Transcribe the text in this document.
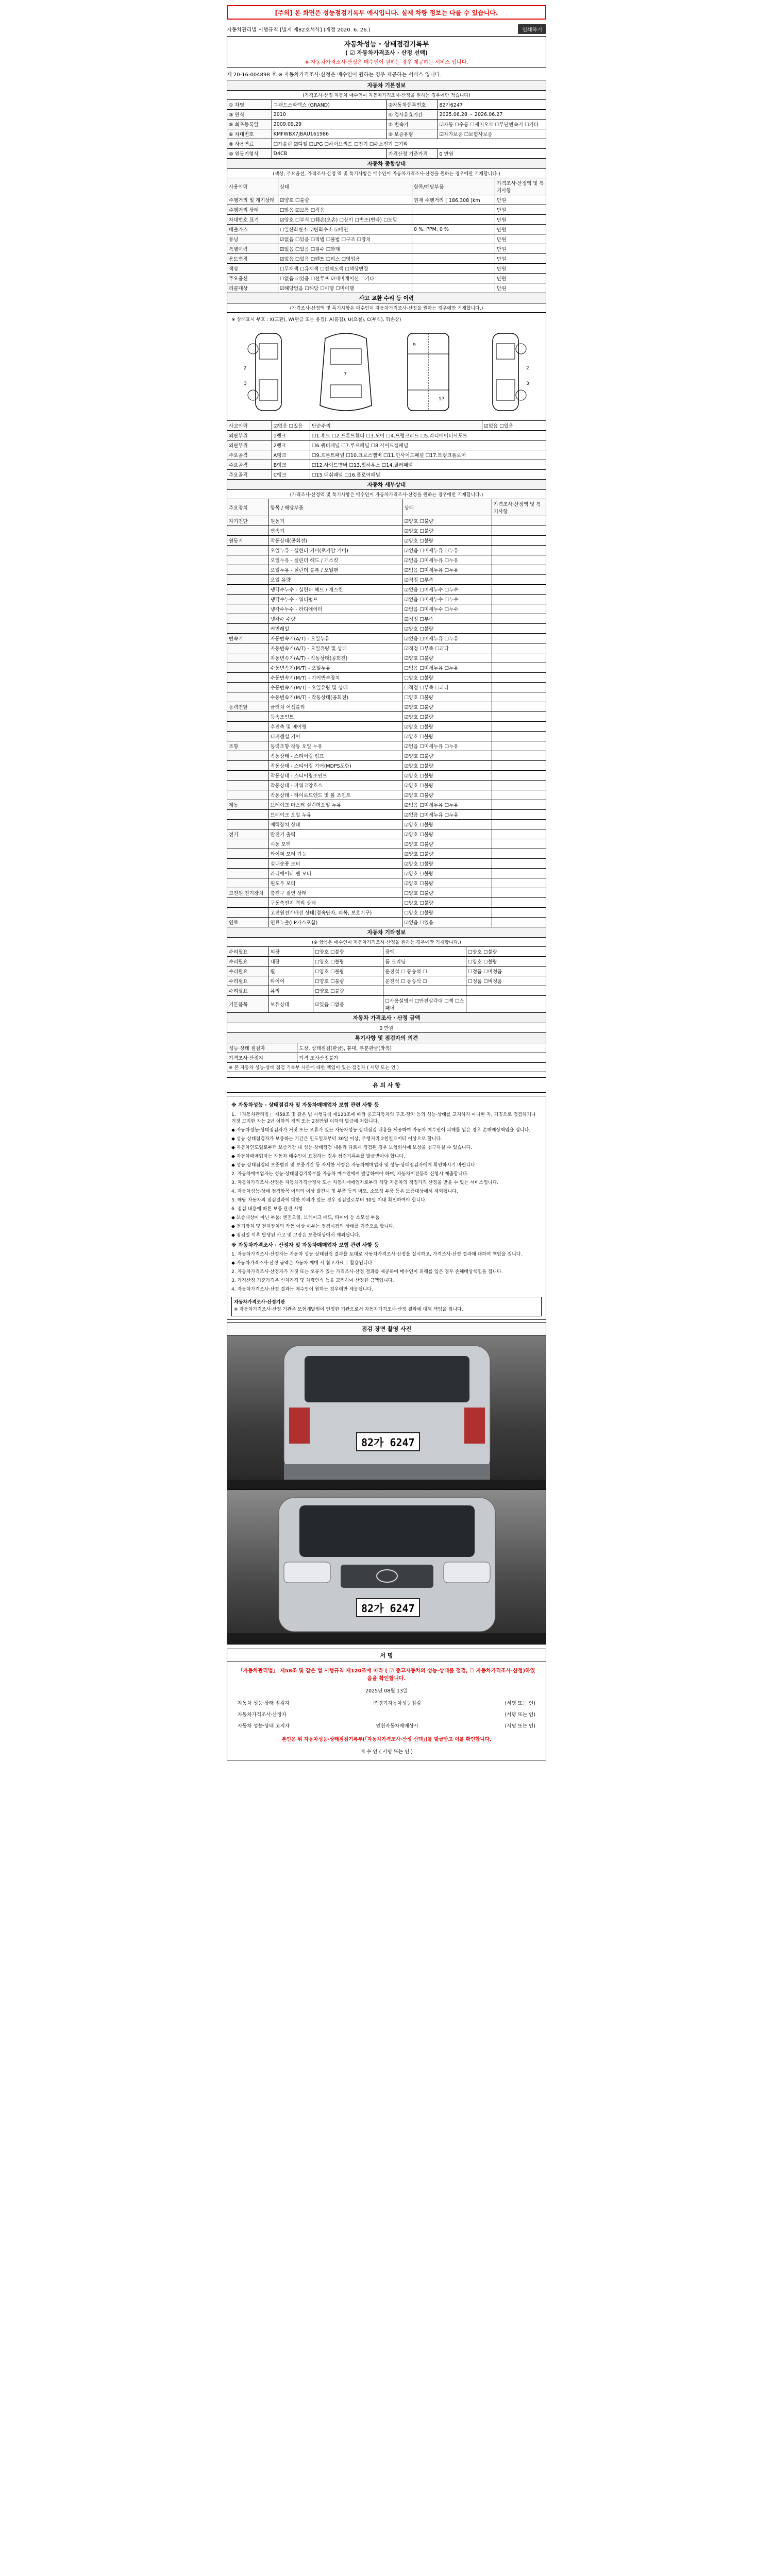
[주의] 본 화면은 성능점검기록부 예시입니다. 실제 차량 정보는 다를 수 있습니다.
자동차관리법 시행규칙 [별지 제82호서식] (개정 2020. 6. 26.)	인쇄하기
자동차성능 · 상태점검기록부
( ☑ 자동차가격조사 · 산정 선택)
※ 자동차가격조사·산정은 매수인이 원하는 경우 제공하는 서비스 입니다.
제 20-16-004898 호 ※ 자동차가격조사·산정은 매수인이 원하는 경우 제공하는 서비스 입니다.
자동차 기본정보			
(가격조사·산정 자동차 매수인이 자동차가격조사·산정을 원하는 경우에만 적습니다)			
① 차명	그랜드스타렉스 (GRAND)	②자동차등록번호	82가6247
③ 연식	2010	④ 검사유효기간	2025.06.28 ~ 2026.06.27
⑤ 최초등록일	2009.09.29	⑦ 변속기	☑자동 ☐수동 ☐세미오토 ☐무단변속기 ☐기타
⑥ 차대번호	KMFWBX7JBAU161986	⑨ 보증유형	☑자가보증 ☐보험사보증
⑧ 사용연료	☐가솔린 ☑디젤 ☐LPG ☐하이브리드 ☐전기 ☐수소전기 ☐기타		
⑩ 원동기형식	D4CB	가격산정 기준가격	0 만원
자동차 종합상태			
(색상, 주요옵션, 가격조사·산정 액 및 특기사항은 매수인이 자동차가격조사·산정을 원하는 경우에만 기재합니다.)			
사용이력	상태	항목/해당부품	가격조사·산정액 및 특기사항
주행거리 및 계기상태	☑양호 ☐불량	현재 주행거리 [ 186,308 ]km	만원
주행거리 상태	☐많음 ☑보통 ☐적음		만원
차대번호 표기	☑양호 ☐부식 ☐훼손(오손) ☐상이 ☐변조(변타) ☐도말		만원
배출가스	☐일산화탄소 ☑탄화수소 ☑매연	0 %, PPM, 0 %	만원
튜닝	☑없음 ☐있음 ☐적법 ☐불법 ☐구조 ☐장치		만원
특별이력	☑없음 ☐있음 ☐침수 ☐화재		만원
용도변경	☑없음 ☐있음 ☐렌트 ☐리스 ☐영업용		만원
색상	☐무채색 ☐유채색 ☐전체도색 ☐색상변경		만원
주요옵션	☐없음 ☑있음 ☐선루프 ☑내비게이션 ☐기타		만원
리콜대상	☑해당없음 ☐해당 ☐이행 ☐미이행		만원
사고 교환 수리 등 이력
(가격조사·산정액 및 특기사항은 매수인이 자동차가격조사·산정을 원하는 경우에만 기재합니다.)
※ 상태표시 부호 : X(교환), W(판금 또는 용접), A(흠집), U(요철), C(부식), T(손상)
2
3
7
9
17
2
3
사고이력	☑없음 ☐있음	단순수리	☑없음 ☐있음
외판부위	1랭크	☐1.후드 ☐2.프론트휀더 ☐3.도어 ☐4.트렁크리드 ☐5.라디에이터서포트	
외판부위	2랭크	☐6.쿼터패널 ☐7.루프패널 ☐8.사이드실패널	
주요골격	A랭크	☐9.프론트패널 ☐10.크로스멤버 ☐11.인사이드패널 ☐17.트렁크플로어	
주요골격	B랭크	☐12.사이드멤버 ☐13.휠하우스 ☐14.필러패널	
주요골격	C랭크	☐15.대쉬패널 ☐16.플로어패널	
자동차 세부상태			
(가격조사·산정액 및 특기사항은 매수인이 자동차가격조사·산정을 원하는 경우에만 기재합니다.)			
주요장치	항목 / 해당부품	상태	가격조사·산정액 및 특기사항
자기진단	원동기	☑양호 ☐불량	
	변속기	☑양호 ☐불량	
원동기	작동상태(공회전)	☑양호 ☐불량	
	오일누유 - 실린더 커버(로커암 커버)	☑없음 ☐미세누유 ☐누유	
	오일누유 - 실린더 헤드 / 개스킷	☑없음 ☐미세누유 ☐누유	
	오일누유 - 실린더 블록 / 오일팬	☑없음 ☐미세누유 ☐누유	
	오일 유량	☑적정 ☐부족	
	냉각수누수 - 실린더 헤드 / 개스킷	☑없음 ☐미세누수 ☐누수	
	냉각수누수 - 워터펌프	☑없음 ☐미세누수 ☐누수	
	냉각수누수 - 라디에이터	☑없음 ☐미세누수 ☐누수	
	냉각수 수량	☑적정 ☐부족	
	커먼레일	☑양호 ☐불량	
변속기	자동변속기(A/T) - 오일누유	☑없음 ☐미세누유 ☐누유	
	자동변속기(A/T) - 오일유량 및 상태	☑적정 ☐부족 ☐과다	
	자동변속기(A/T) - 작동상태(공회전)	☑양호 ☐불량	
	수동변속기(M/T) - 오일누유	☐없음 ☐미세누유 ☐누유	
	수동변속기(M/T) - 기어변속장치	☐양호 ☐불량	
	수동변속기(M/T) - 오일유량 및 상태	☐적정 ☐부족 ☐과다	
	수동변속기(M/T) - 작동상태(공회전)	☐양호 ☐불량	
동력전달	클러치 어셈블리	☑양호 ☐불량	
	등속조인트	☑양호 ☐불량	
	추진축 및 베어링	☑양호 ☐불량	
	디퍼렌셜 기어	☑양호 ☐불량	
조향	동력조향 작동 오일 누유	☑없음 ☐미세누유 ☐누유	
	작동상태 - 스티어링 펌프	☑양호 ☐불량	
	작동상태 - 스티어링 기어(MDPS포함)	☑양호 ☐불량	
	작동상태 - 스티어링조인트	☑양호 ☐불량	
	작동상태 - 파워고압호스	☑양호 ☐불량	
	작동상태 - 타이로드엔드 및 볼 조인트	☑양호 ☐불량	
제동	브레이크 마스터 실린더오일 누유	☑없음 ☐미세누유 ☐누유	
	브레이크 오일 누유	☑없음 ☐미세누유 ☐누유	
	배력장치 상태	☑양호 ☐불량	
전기	발전기 출력	☑양호 ☐불량	
	시동 모터	☑양호 ☐불량	
	와이퍼 모터 기능	☑양호 ☐불량	
	실내송풍 모터	☑양호 ☐불량	
	라디에이터 팬 모터	☑양호 ☐불량	
	윈도우 모터	☑양호 ☐불량	
고전원 전기장치	충전구 절연 상태	☐양호 ☐불량	
	구동축전지 격리 상태	☐양호 ☐불량	
	고전원전기배선 상태(접속단자, 피복, 보호기구)	☐양호 ☐불량	
연료	연료누출(LP가스포함)	☑없음 ☐있음	
자동차 기타정보				
(※ 항목은 매수인이 자동차가격조사·산정을 원하는 경우에만 기재합니다.)				
수리필요	외장	☐양호 ☐불량	광택	☐양호 ☐불량
수리필요	내장	☐양호 ☐불량	룸 크리닝	☐양호 ☐불량
수리필요	휠	☐양호 ☐불량	운전석 ☐ 동승석 ☐	☐정품 ☐비정품
수리필요	타이어	☐양호 ☐불량	운전석 ☐ 동승석 ☐	☐정품 ☐비정품
수리필요	유리	☐양호 ☐불량		
기본품목	보유상태	☑있음 ☐없음	☐사용설명서 ☐안전삼각대 ☐잭 ☐스패너	
자동차 가격조사 · 산정 금액				
0 만원				
특기사항 및 점검자의 의견	
성능·상태 점검자	도장, 상태점검(판금), 휴대, 부분판금(좌측)
가격조사·산정자	가격 조사산정불가
※ 본 자동차 성능·상태 점검 기록부 사본에 대한 책임이 있는 점검자 ( 서명 또는 인 )	
유 의 사 항
※ 자동차성능 · 상태점검자 및 자동차매매업자 보험 관련 사항 등

1. 「자동차관리법」 제58조 및 같은 법 시행규칙 제120조에 따라 중고자동차의 구조·장치 등의 성능·상태를 고지하지 아니한 자, 거짓으로 점검하거나 거짓 고지한 자는 2년 이하의 징역 또는 2천만원 이하의 벌금에 처합니다.

◆ 자동차성능·상태점검자가 거짓 또는 오류가 있는 자동차성능·상태점검 내용을 제공하여 자동차 매수인이 피해를 입은 경우 손해배상책임을 집니다.

◆ 성능·상태점검자가 보증하는 기간은 인도일로부터 30일 이상, 주행거리 2천킬로미터 이상으로 합니다.

◆ 자동차인도일로부터 보증기간 내 성능·상태점검 내용과 다르게 점검된 경우 보험회사에 보상을 청구하실 수 있습니다.

◆ 자동차매매업자는 자동차 매수인이 요청하는 경우 점검기록부를 발급받아야 합니다.

◆ 성능·상태점검의 보증범위 및 보증기간 등 자세한 사항은 자동차매매업자 및 성능·상태점검자에게 확인하시기 바랍니다.

2. 자동차매매업자는 성능·상태점검기록부를 자동차 매수인에게 발급하여야 하며, 자동차이전등록 신청시 제출합니다.

3. 자동차가격조사·산정은 자동차가격산정사 또는 자동차매매업자로부터 해당 자동차의 적정가격 산정을 받을 수 있는 서비스입니다.

4. 자동차성능·상태 점검항목 이외의 이상 발견시 및 부품 등의 마모, 소모성 부품 등은 보증대상에서 제외됩니다.

5. 해당 자동차의 점검결과에 대한 이의가 있는 경우 점검일로부터 30일 이내 확인하여야 합니다.

6. 점검 내용에 따른 보증 관련 사항

◆ 보증대상이 아닌 부품: 엔진오일, 브레이크 패드, 타이어 등 소모성 부품

◆ 전기장치 및 전자장치의 작동 이상 여부는 점검시점의 상태를 기준으로 합니다.

◆ 점검일 이후 발생된 사고 및 고장은 보증대상에서 제외됩니다.

※ 자동차가격조사 · 산정자 및 자동차매매업자 보험 관련 사항 등

1. 자동차가격조사·산정자는 자동차 성능·상태점검 결과를 토대로 자동차가격조사·산정을 실시하고, 가격조사·산정 결과에 대하여 책임을 집니다.

◆ 자동차가격조사·산정 금액은 자동차 매매 시 참고자료로 활용됩니다.

2. 자동차가격조사·산정자가 거짓 또는 오류가 있는 가격조사·산정 결과를 제공하여 매수인이 피해를 입은 경우 손해배상책임을 집니다.

3. 가격산정 기준가격은 신차가격 및 차량연식 등을 고려하여 산정한 금액입니다.

4. 자동차가격조사·산정 결과는 매수인이 원하는 경우에만 제공됩니다.

자동차가격조사·산정기관
※ 자동차가격조사·산정 기관은 보험개발원이 인정한 기관으로서 자동차가격조사·산정 결과에 대해 책임을 집니다.
점검 장면 촬영 사진
82가 6247
82가 6247
서 명
「자동차관리법」 제58조 및 같은 법 시행규칙 제120조에 따라 ( ☑ 중고자동차의 성능·상태를 점검, ☐ 자동차가격조사·산정)하였음을 확인합니다.
2025년 08월 13일
자동차 성능·상태 점검자	㈜경기자동차성능점검	(서명 또는 인)
자동차가격조사·산정자	(서명 또는 인)
자동차 성능·상태 고지자	인천자동차매매상사	(서명 또는 인)
본인은 위 자동차성능·상태점검기록부(「자동차가격조사·산정 선택」)를 발급받고 이를 확인합니다.
매 수 인 ( 서명 또는 인 )
